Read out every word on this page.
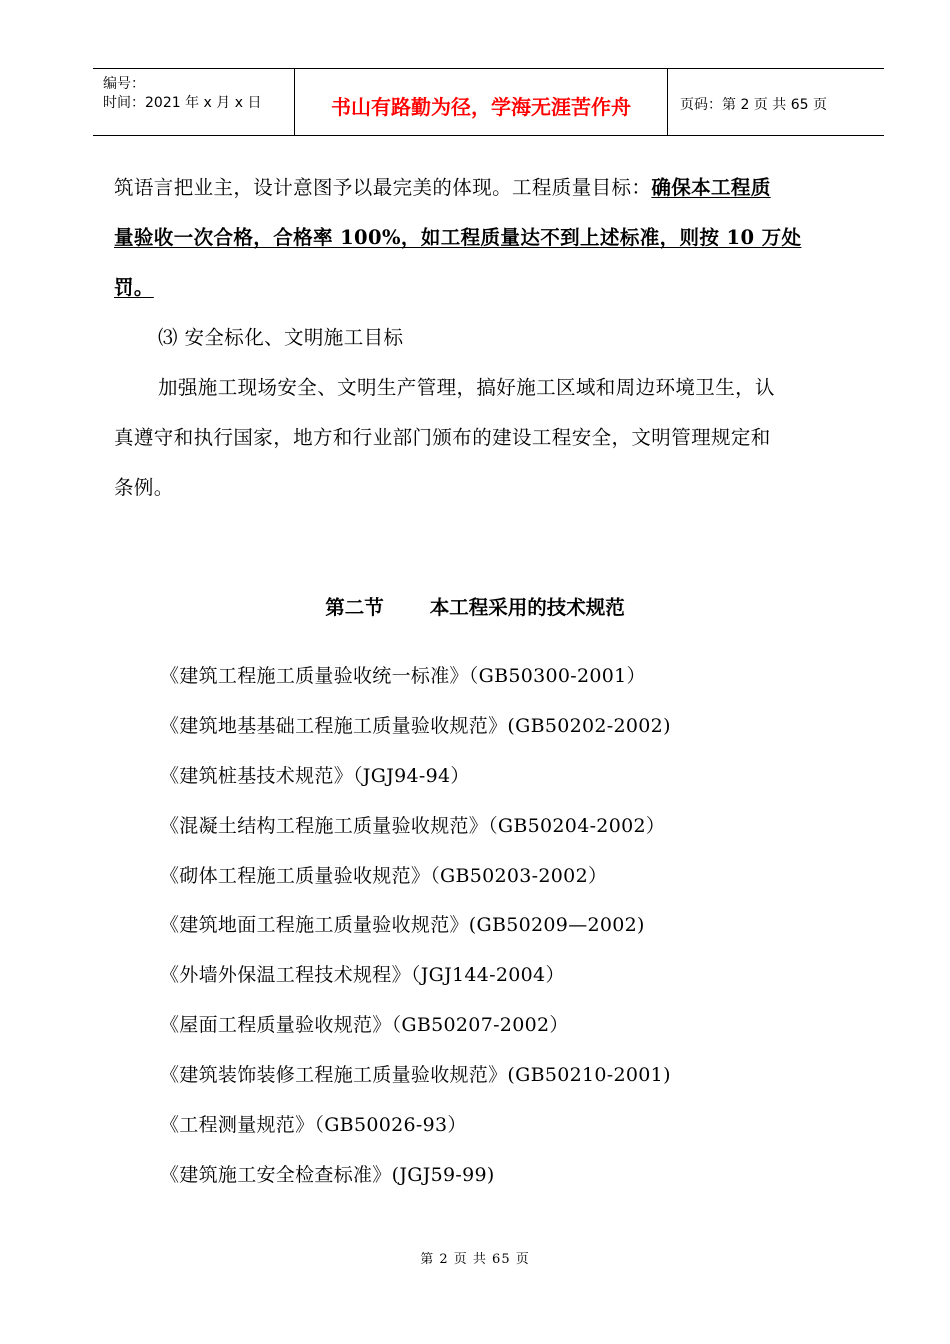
编号：
时间：2021 年 x 月 x 日	书山有路勤为径，学海无涯苦作舟	页码：第 2 页 共 65 页
筑语言把业主，设计意图予以最完美的体现。工程质量目标：确保本工程质
量验收一次合格，合格率 100%，如工程质量达不到上述标准，则按 10 万处
罚。
⑶ 安全标化、文明施工目标
加强施工现场安全、文明生产管理，搞好施工区域和周边环境卫生，认
真遵守和执行国家，地方和行业部门颁布的建设工程安全，文明管理规定和
条例。
第二节 本工程采用的技术规范
《建筑工程施工质量验收统一标准》（GB50300-2001）
《建筑地基基础工程施工质量验收规范》(GB50202-2002)
《建筑桩基技术规范》（JGJ94-94）
《混凝土结构工程施工质量验收规范》（GB50204-2002）
《砌体工程施工质量验收规范》（GB50203-2002）
《建筑地面工程施工质量验收规范》(GB50209—2002)
《外墙外保温工程技术规程》（JGJ144-2004）
《屋面工程质量验收规范》（GB50207-2002）
《建筑装饰装修工程施工质量验收规范》(GB50210-2001)
《工程测量规范》（GB50026-93）
《建筑施工安全检查标准》(JGJ59-99)
第 2 页 共 65 页
